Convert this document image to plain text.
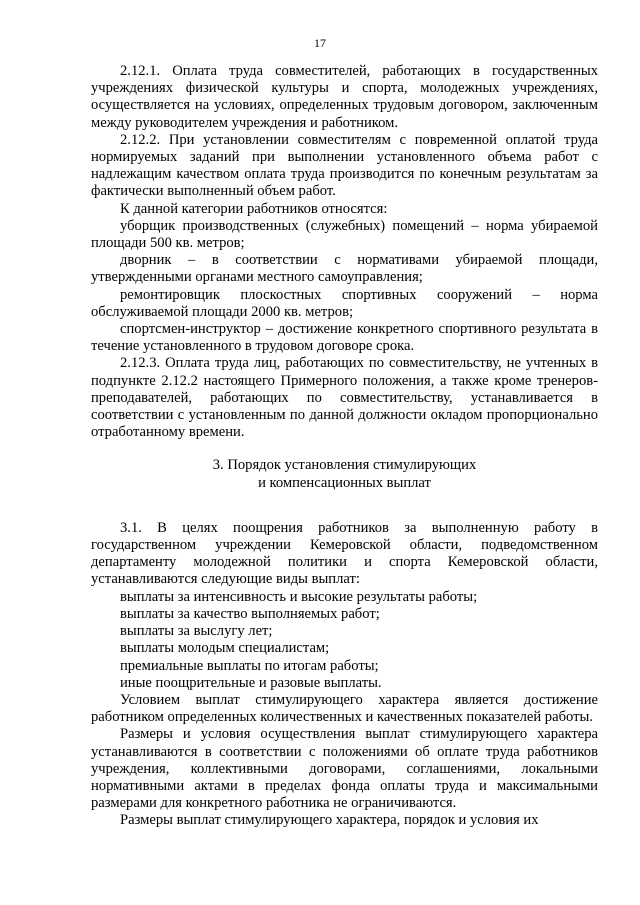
17

2.12.1. Оплата труда совместителей, работающих в государственных учреждениях физической культуры и спорта, молодежных учреждениях, осуществляется на условиях, определенных трудовым договором, заключенным между руководителем учреждения и работником.

2.12.2. При установлении совместителям с повременной оплатой труда нормируемых заданий при выполнении установленного объема работ с надлежащим качеством оплата труда производится по конечным результатам за фактически выполненный объем работ.

К данной категории работников относятся:

уборщик производственных (служебных) помещений – норма убираемой площади 500 кв. метров;

дворник – в соответствии с нормативами убираемой площади, утвержденными органами местного самоуправления;

ремонтировщик плоскостных спортивных сооружений – норма обслуживаемой площади 2000 кв. метров;

спортсмен-инструктор – достижение конкретного спортивного результата в течение установленного в трудовом договоре срока.

2.12.3. Оплата труда лиц, работающих по совместительству, не учтенных в подпункте 2.12.2 настоящего Примерного положения, а также кроме тренеров-преподавателей, работающих по совместительству, устанавливается в соответствии с установленным по данной должности окладом пропорционально отработанному времени.

3. Порядок установления стимулирующих
и компенсационных выплат

3.1. В целях поощрения работников за выполненную работу в государственном учреждении Кемеровской области, подведомственном департаменту молодежной политики и спорта Кемеровской области, устанавливаются следующие виды выплат:

выплаты за интенсивность и высокие результаты работы;

выплаты за качество выполняемых работ;

выплаты за выслугу лет;

выплаты молодым специалистам;

премиальные выплаты по итогам работы;

иные поощрительные и разовые выплаты.

Условием выплат стимулирующего характера является достижение работником определенных количественных и качественных показателей работы.

Размеры и условия осуществления выплат стимулирующего характера устанавливаются в соответствии с положениями об оплате труда работников учреждения, коллективными договорами, соглашениями, локальными нормативными актами в пределах фонда оплаты труда и максимальными размерами для конкретного работника не ограничиваются.

Размеры выплат стимулирующего характера, порядок и условия их
